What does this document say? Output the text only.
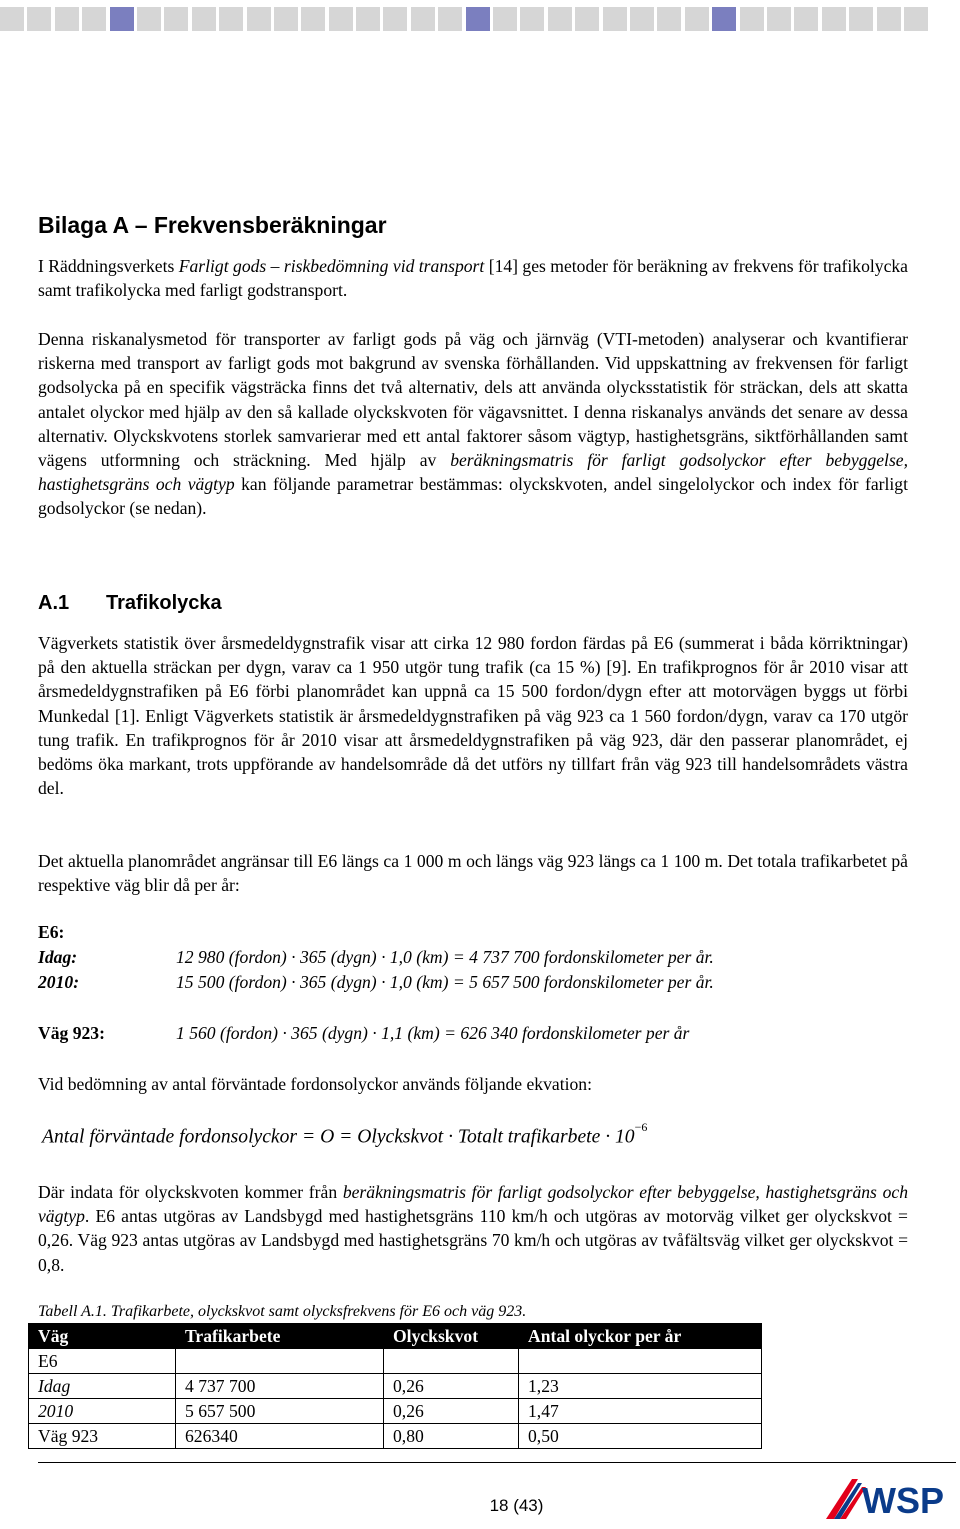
Bilaga A – Frekvensberäkningar

I Räddningsverkets Farligt gods – riskbedömning vid transport [14] ges metoder för beräkning av frekvens för trafikolycka samt trafikolycka med farligt godstransport.

Denna riskanalysmetod för transporter av farligt gods på väg och järnväg (VTI-metoden) analyserar och kvantifierar riskerna med transport av farligt gods mot bakgrund av svenska förhållanden. Vid uppskattning av frekvensen för farligt godsolycka på en specifik vägsträcka finns det två alternativ, dels att använda olycksstatistik för sträckan, dels att skatta antalet olyckor med hjälp av den så kallade olyckskvoten för vägavsnittet. I denna riskanalys används det senare av dessa alternativ. Olyckskvotens storlek samvarierar med ett antal faktorer såsom vägtyp, hastighetsgräns, siktförhållanden samt vägens utformning och sträckning. Med hjälp av beräkningsmatris för farligt godsolyckor efter bebyggelse, hastighetsgräns och vägtyp kan följande parametrar bestämmas: olyckskvoten, andel singelolyckor och index för farligt godsolyckor (se nedan).

A.1 Trafikolycka

Vägverkets statistik över årsmedeldygnstrafik visar att cirka 12 980 fordon färdas på E6 (summerat i båda körriktningar) på den aktuella sträckan per dygn, varav ca 1 950 utgör tung trafik (ca 15 %) [9]. En trafikprognos för år 2010 visar att årsmedeldygnstrafiken på E6 förbi planområdet kan uppnå ca 15 500 fordon/dygn efter att motorvägen byggs ut förbi Munkedal [1]. Enligt Vägverkets statistik är årsmedeldygnstrafiken på väg 923 ca 1 560 fordon/dygn, varav ca 170 utgör tung trafik. En trafikprognos för år 2010 visar att årsmedeldygnstrafiken på väg 923, där den passerar planområdet, ej bedöms öka markant, trots uppförande av handelsområde då det utförs ny tillfart från väg 923 till handelsområdets västra del.

Det aktuella planområdet angränsar till E6 längs ca 1 000 m och längs väg 923 längs ca 1 100 m. Det totala trafikarbetet på respektive väg blir då per år:

E6:
Idag:	12 980 (fordon) · 365 (dygn) · 1,0 (km) = 4 737 700 fordonskilometer per år.
2010:	15 500 (fordon) · 365 (dygn) · 1,0 (km) = 5 657 500 fordonskilometer per år.
Väg 923:	1 560 (fordon) · 365 (dygn) · 1,1 (km) = 626 340 fordonskilometer per år

Vid bedömning av antal förväntade fordonsolyckor används följande ekvation:

Antal förväntade fordonsolyckor = O = Olyckskvot · Totalt trafikarbete · $10^{-6}$

Där indata för olyckskvoten kommer från beräkningsmatris för farligt godsolyckor efter bebyggelse, hastighetsgräns och vägtyp. E6 antas utgöras av Landsbygd med hastighetsgräns 110 km/h och utgöras av motorväg vilket ger olyckskvot = 0,26. Väg 923 antas utgöras av Landsbygd med hastighetsgräns 70 km/h och utgöras av tvåfältsväg vilket ger olyckskvot = 0,8.

Tabell A.1. Trafikarbete, olyckskvot samt olycksfrekvens för E6 och väg 923.
Väg	Trafikarbete	Olyckskvot	Antal olyckor per år
E6			
Idag	4 737 700	0,26	1,23
2010	5 657 500	0,26	1,47
Väg 923	626340	0,80	0,50
18 (43)	WSP
